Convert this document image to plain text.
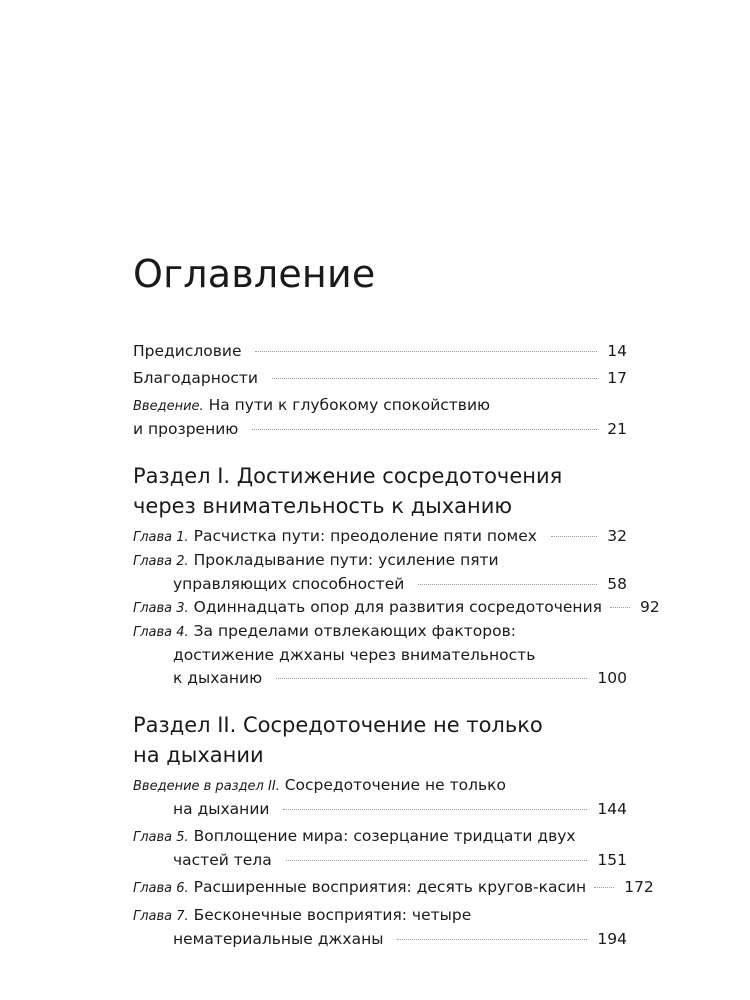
Оглавление
Предисловие	14
Благодарности	17
Введение. На пути к глубокому спокойствию
и прозрению	21
Раздел I. Достижение сосредоточения
через внимательность к дыханию
Глава 1. Расчистка пути: преодоление пяти помех	32
Глава 2. Прокладывание пути: усиление пяти
управляющих способностей	58
Глава 3. Одиннадцать опор для развития сосредоточения 92
Глава 4. За пределами отвлекающих факторов:
достижение джханы через внимательность
к дыханию	100
Раздел II. Сосредоточение не только
на дыхании
Введение в раздел II. Сосредоточение не только
на дыхании	144
Глава 5. Воплощение мира: созерцание тридцати двух
частей тела	151
Глава 6. Расширенные восприятия: десять кругов-касин 172
Глава 7. Бесконечные восприятия: четыре
нематериальные джханы	194
